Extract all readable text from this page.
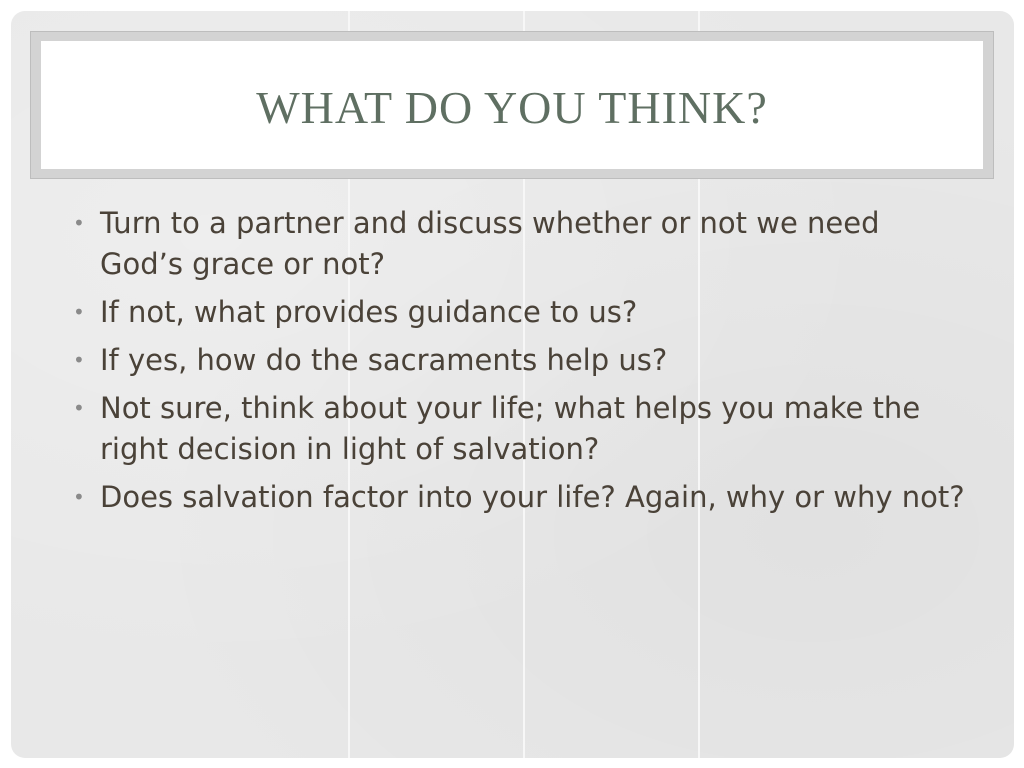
WHAT DO YOU THINK?
• Turn to a partner and discuss whether or not we need God’s grace or not?
• If not, what provides guidance to us?
• If yes, how do the sacraments help us?
• Not sure, think about your life; what helps you make the right decision in light of salvation?
• Does salvation factor into your life? Again, why or why not?
